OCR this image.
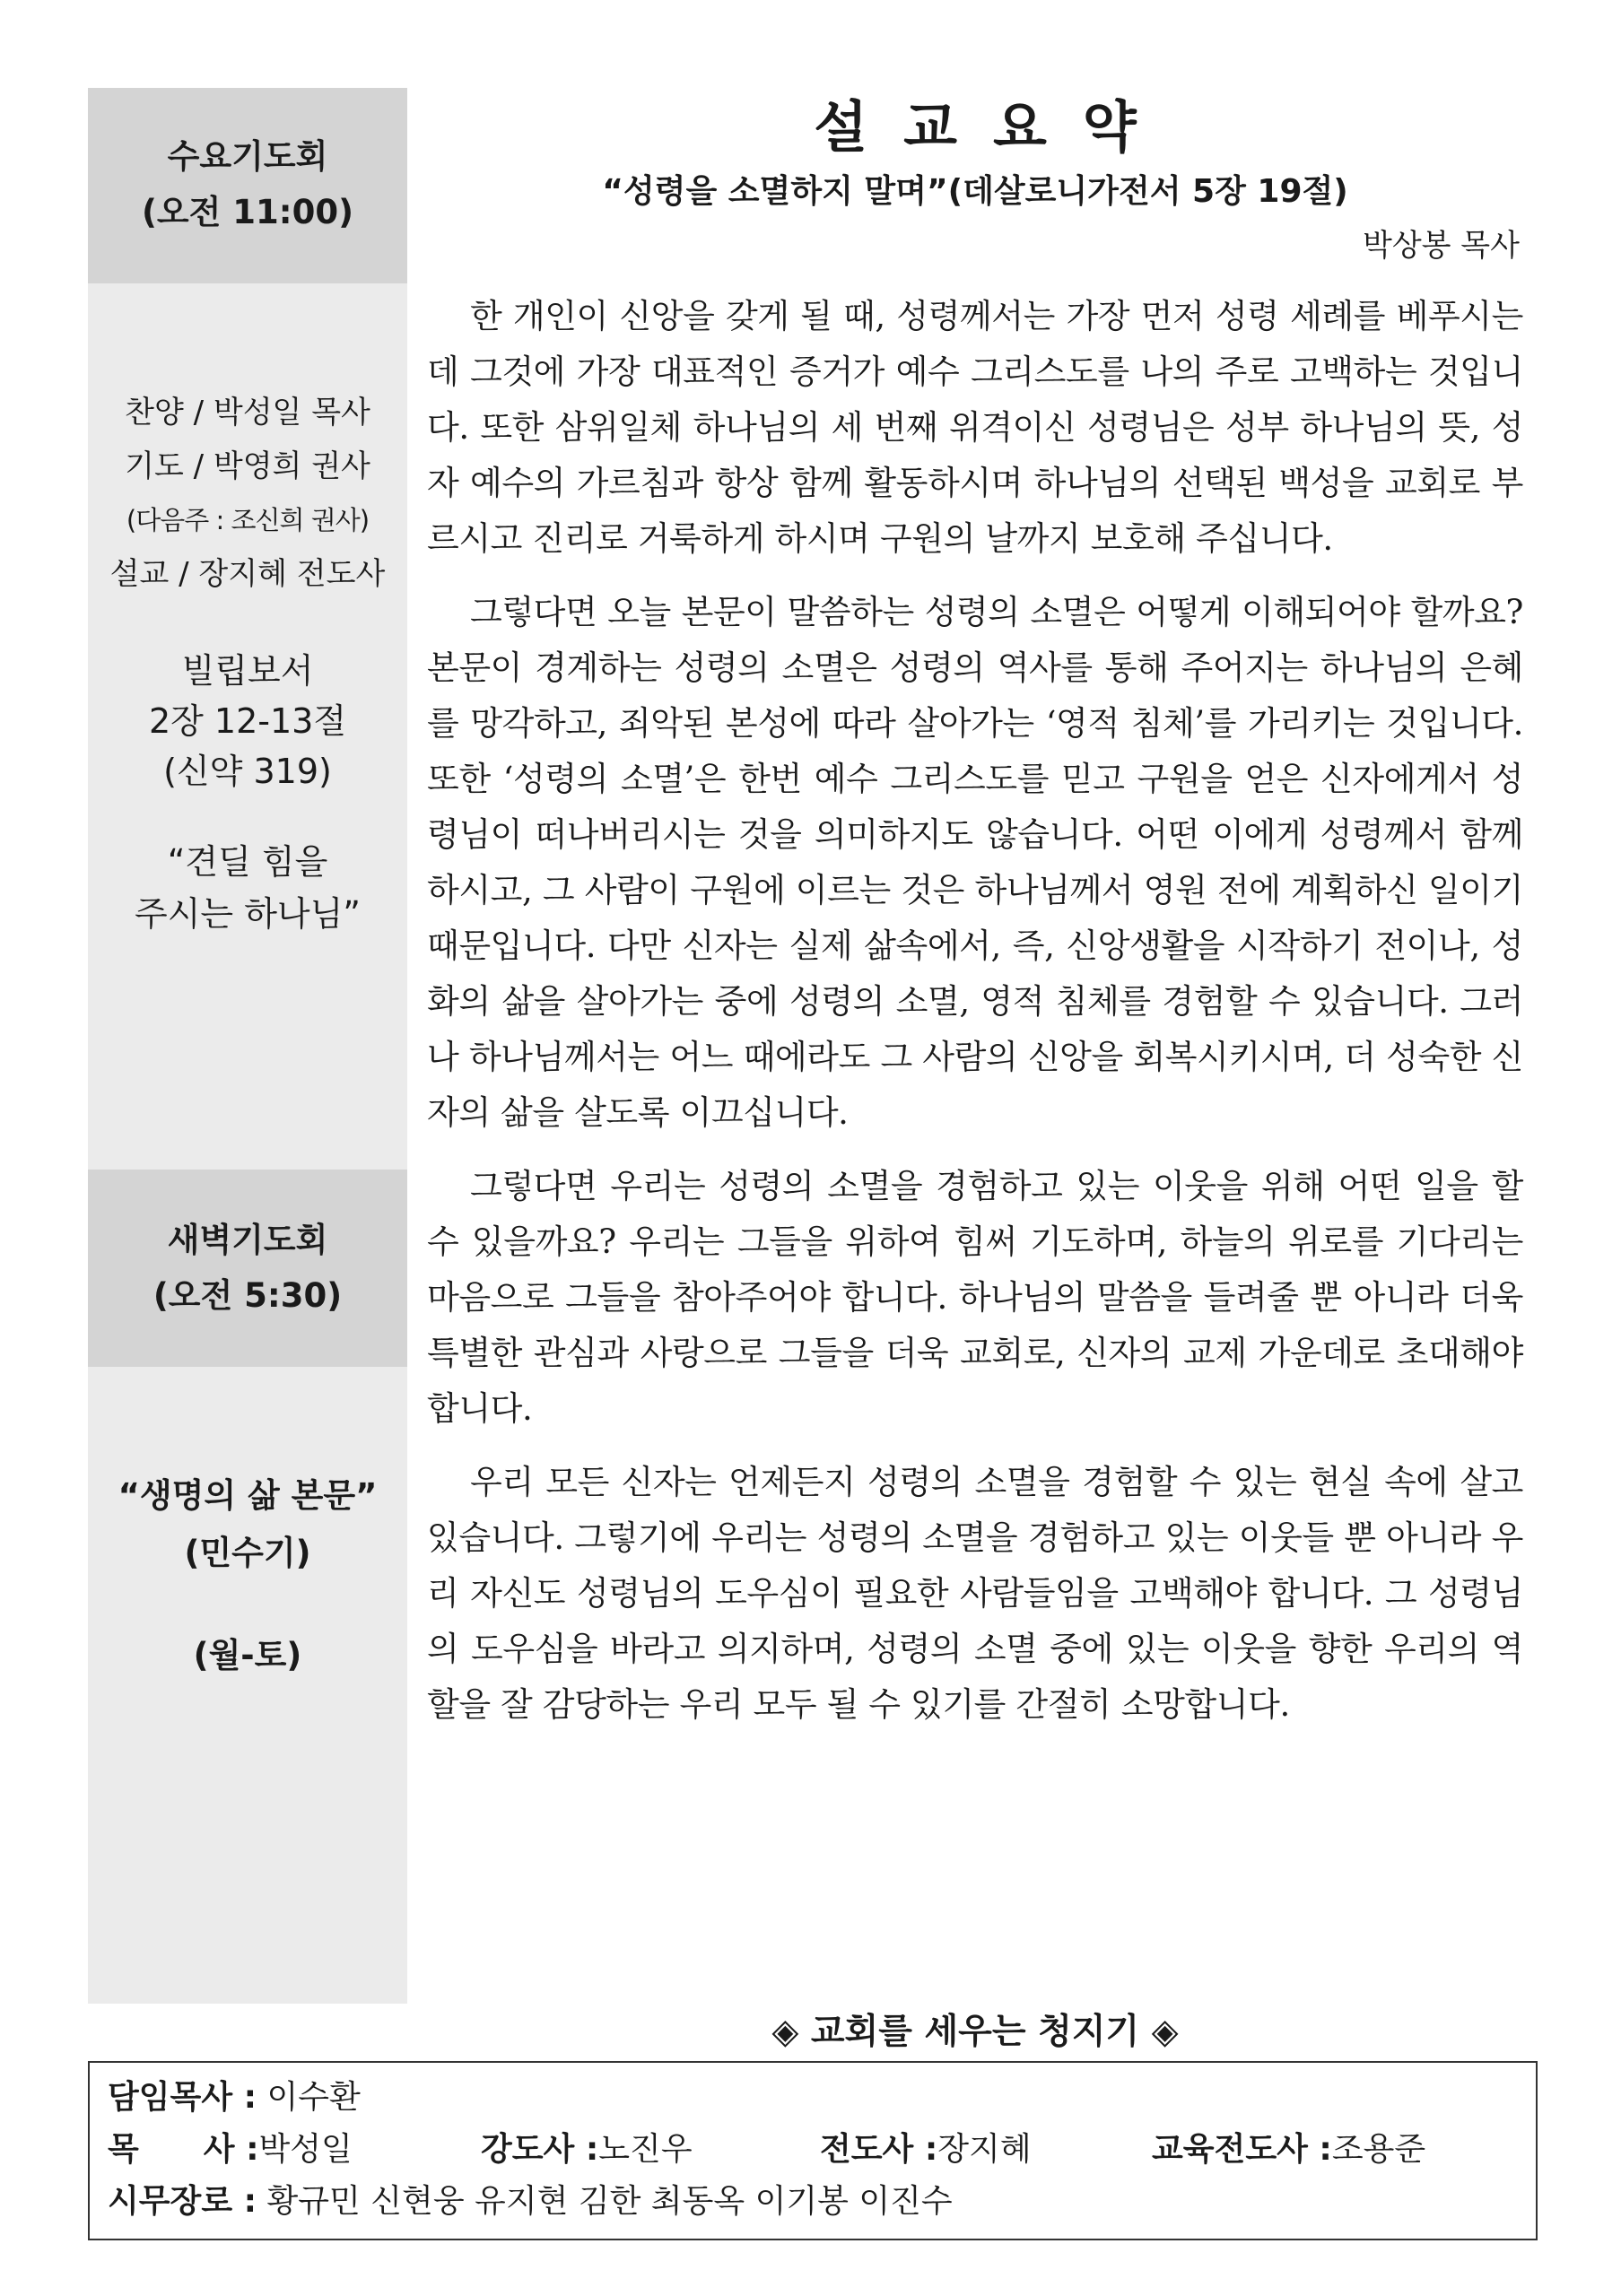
수요기도회
(오전 11:00)
찬양 / 박성일 목사
기도 / 박영희 권사
(다음주 : 조신희 권사)
설교 / 장지혜 전도사
빌립보서
2장 12-13절
(신약 319)
“견딜 힘을
주시는 하나님”
새벽기도회
(오전 5:30)
“생명의 삶 본문”
(민수기)
(월-토)
설교요약
“성령을 소멸하지 말며”(데살로니가전서 5장 19절)
박상봉 목사

한 개인이 신앙을 갖게 될 때, 성령께서는 가장 먼저 성령 세례를 베푸시는데 그것에 가장 대표적인 증거가 예수 그리스도를 나의 주로 고백하는 것입니다. 또한 삼위일체 하나님의 세 번째 위격이신 성령님은 성부 하나님의 뜻, 성자 예수의 가르침과 항상 함께 활동하시며 하나님의 선택된 백성을 교회로 부르시고 진리로 거룩하게 하시며 구원의 날까지 보호해 주십니다.

그렇다면 오늘 본문이 말씀하는 성령의 소멸은 어떻게 이해되어야 할까요? 본문이 경계하는 성령의 소멸은 성령의 역사를 통해 주어지는 하나님의 은혜를 망각하고, 죄악된 본성에 따라 살아가는 ‘영적 침체’를 가리키는 것입니다. 또한 ‘성령의 소멸’은 한번 예수 그리스도를 믿고 구원을 얻은 신자에게서 성령님이 떠나버리시는 것을 의미하지도 않습니다. 어떤 이에게 성령께서 함께하시고, 그 사람이 구원에 이르는 것은 하나님께서 영원 전에 계획하신 일이기 때문입니다. 다만 신자는 실제 삶속에서, 즉, 신앙생활을 시작하기 전이나, 성화의 삶을 살아가는 중에 성령의 소멸, 영적 침체를 경험할 수 있습니다. 그러나 하나님께서는 어느 때에라도 그 사람의 신앙을 회복시키시며, 더 성숙한 신자의 삶을 살도록 이끄십니다.

그렇다면 우리는 성령의 소멸을 경험하고 있는 이웃을 위해 어떤 일을 할 수 있을까요? 우리는 그들을 위하여 힘써 기도하며, 하늘의 위로를 기다리는 마음으로 그들을 참아주어야 합니다. 하나님의 말씀을 들려줄 뿐 아니라 더욱 특별한 관심과 사랑으로 그들을 더욱 교회로, 신자의 교제 가운데로 초대해야 합니다.

우리 모든 신자는 언제든지 성령의 소멸을 경험할 수 있는 현실 속에 살고 있습니다. 그렇기에 우리는 성령의 소멸을 경험하고 있는 이웃들 뿐 아니라 우리 자신도 성령님의 도우심이 필요한 사람들임을 고백해야 합니다. 그 성령님의 도우심을 바라고 의지하며, 성령의 소멸 중에 있는 이웃을 향한 우리의 역할을 잘 감당하는 우리 모두 될 수 있기를 간절히 소망합니다.

◈ 교회를 세우는 청지기 ◈
담임목사 : 이수환
목　　사 :박성일	강도사 :노진우	전도사 :장지혜	교육전도사 :조용준
시무장로 : 황규민 신현웅 유지현 김한 최동옥 이기봉 이진수
